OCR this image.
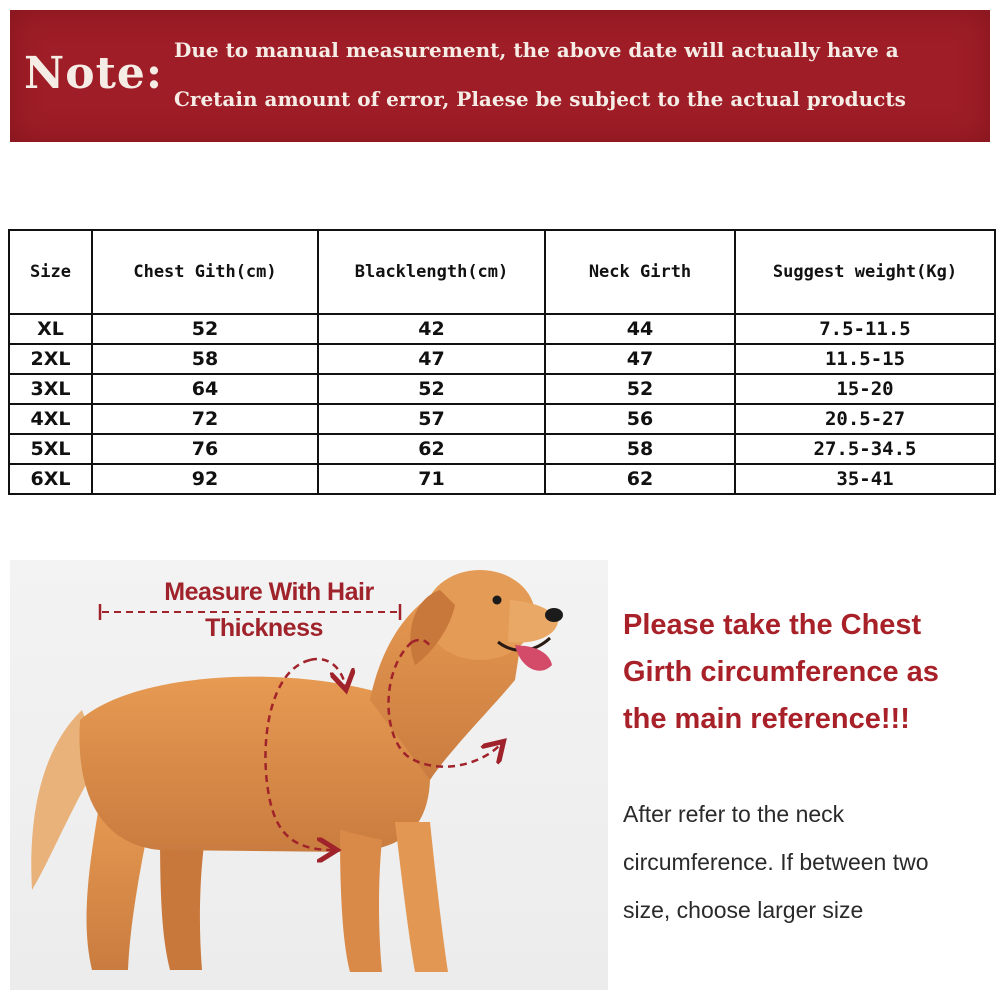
Note: Due to manual measurement, the above date will actually have a
Cretain amount of error, Plaese be subject to the actual products
Size	Chest Gith(cm)	Blacklength(cm)	Neck Girth	Suggest weight(Kg)
XL	52	42	44	7.5-11.5
2XL	58	47	47	11.5-15
3XL	64	52	52	15-20
4XL	72	57	56	20.5-27
5XL	76	62	58	27.5-34.5
6XL	92	71	62	35-41
Measure With Hair
Thickness	Please take the Chest
Girth circumference as
the main reference!!!
After refer to the neck
circumference. If between two
size, choose larger size
